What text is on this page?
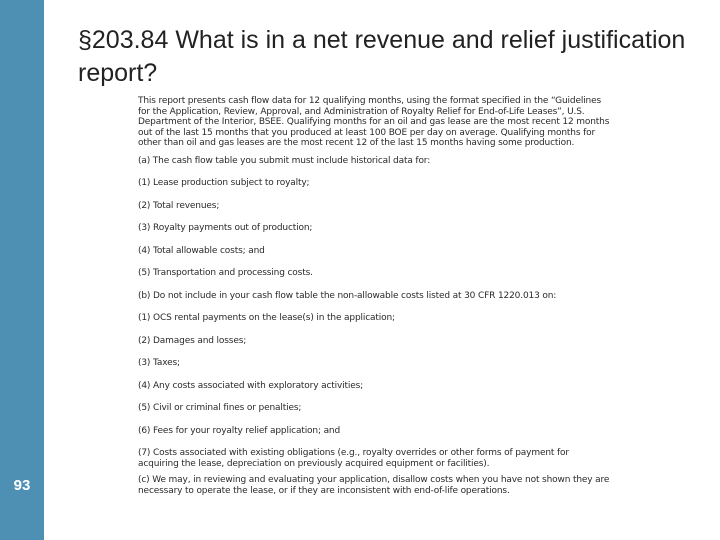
93
§203.84 What is in a net revenue and relief justification report?

This report presents cash flow data for 12 qualifying months, using the format specified in the “Guidelines for the Application, Review, Approval, and Administration of Royalty Relief for End-of-Life Leases”, U.S. Department of the Interior, BSEE. Qualifying months for an oil and gas lease are the most recent 12 months out of the last 15 months that you produced at least 100 BOE per day on average. Qualifying months for other than oil and gas leases are the most recent 12 of the last 15 months having some production.

(a) The cash flow table you submit must include historical data for:

(1) Lease production subject to royalty;

(2) Total revenues;

(3) Royalty payments out of production;

(4) Total allowable costs; and

(5) Transportation and processing costs.

(b) Do not include in your cash flow table the non-allowable costs listed at 30 CFR 1220.013 on:

(1) OCS rental payments on the lease(s) in the application;

(2) Damages and losses;

(3) Taxes;

(4) Any costs associated with exploratory activities;

(5) Civil or criminal fines or penalties;

(6) Fees for your royalty relief application; and

(7) Costs associated with existing obligations (e.g., royalty overrides or other forms of payment for acquiring the lease, depreciation on previously acquired equipment or facilities).

(c) We may, in reviewing and evaluating your application, disallow costs when you have not shown they are necessary to operate the lease, or if they are inconsistent with end-of-life operations.
